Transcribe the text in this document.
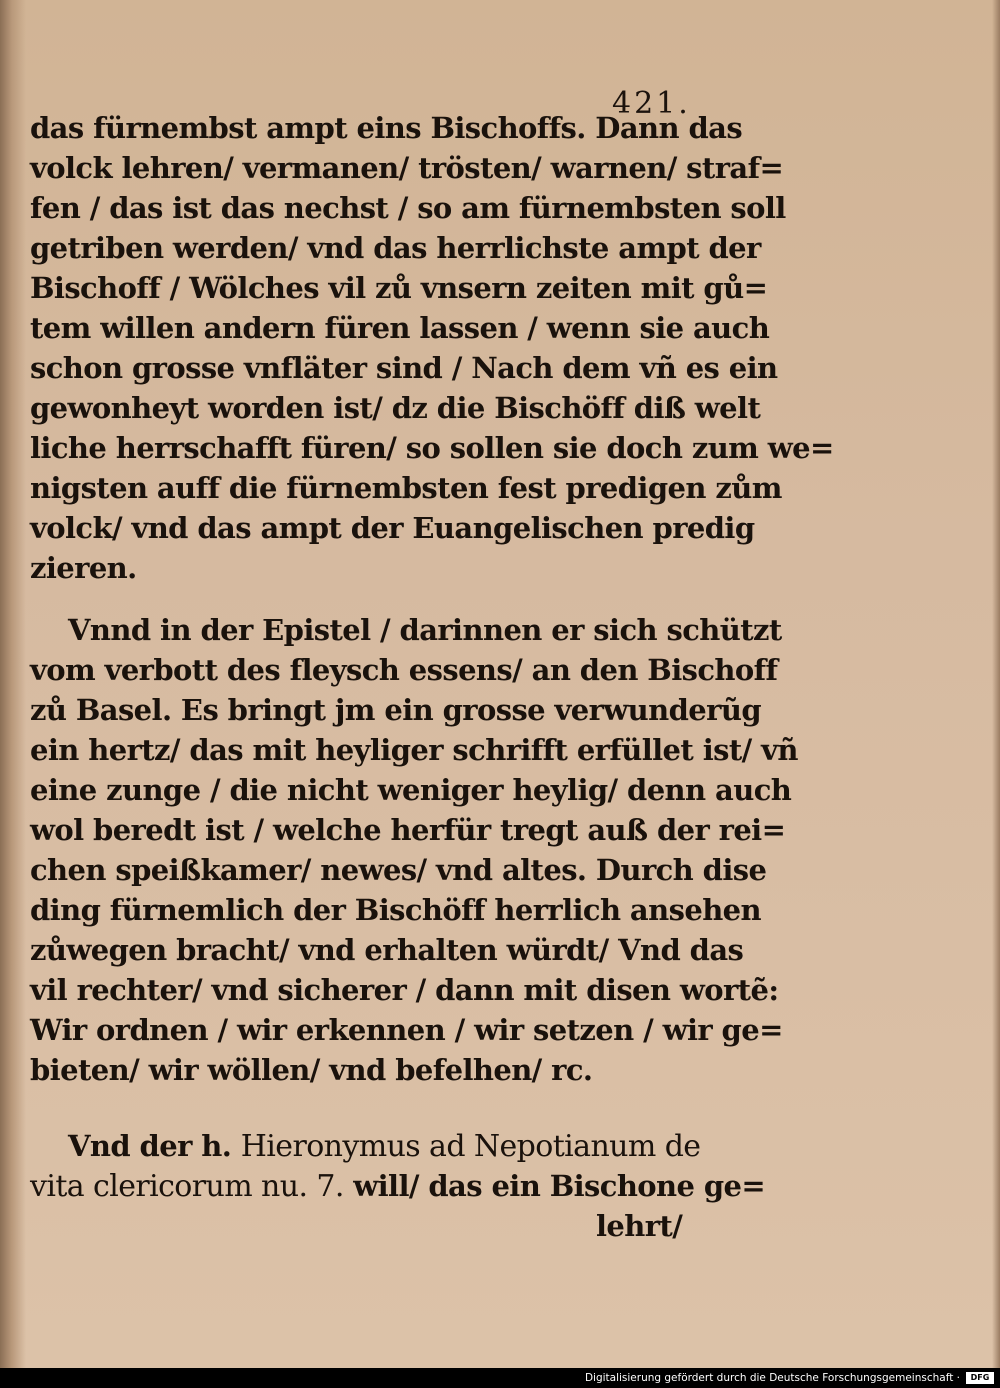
421.
das fürnembst ampt eins Bischoffs. Dann das
volck lehren/ vermanen/ trösten/ warnen/ straf=
fen / das ist das nechst / so am fürnembsten soll
getriben werden/ vnd das herrlichste ampt der
Bischoff / Wölches vil zů vnsern zeiten mit gů=
tem willen andern füren lassen / wenn sie auch
schon grosse vnfläter sind / Nach dem vñ es ein
gewonheyt worden ist/ dz die Bischöff diß welt
liche herrschafft füren/ so sollen sie doch zum we=
nigsten auff die fürnembsten fest predigen zům
volck/ vnd das ampt der Euangelischen predig
zieren.
Vnnd in der Epistel / darinnen er sich schützt
vom verbott des fleysch essens/ an den Bischoff
zů Basel. Es bringt jm ein grosse verwunderũg
ein hertz/ das mit heyliger schrifft erfüllet ist/ vñ
eine zunge / die nicht weniger heylig/ denn auch
wol beredt ist / welche herfür tregt auß der rei=
chen speißkamer/ newes/ vnd altes. Durch dise
ding fürnemlich der Bischöff herrlich ansehen
zůwegen bracht/ vnd erhalten würdt/ Vnd das
vil rechter/ vnd sicherer / dann mit disen wortẽ:
Wir ordnen / wir erkennen / wir setzen / wir ge=
bieten/ wir wöllen/ vnd befelhen/ rc.
Vnd der h. Hieronymus ad Nepotianum de
vita clericorum nu. 7. will/ das ein Bischone ge=
lehrt/
Digitalisierung gefördert durch die Deutsche Forschungsgemeinschaft ·	DFG
